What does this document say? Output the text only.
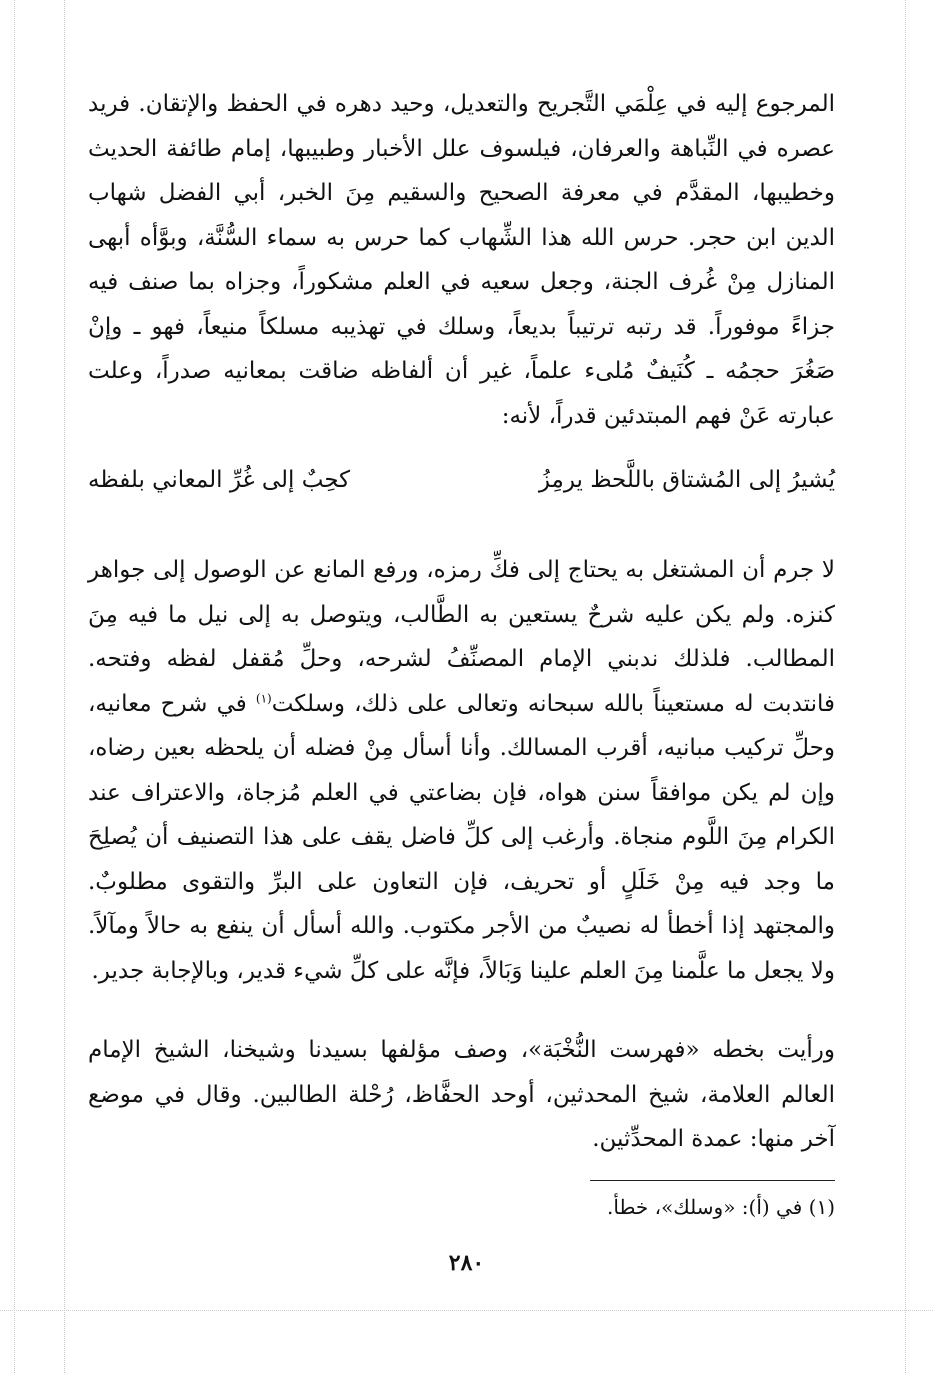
المرجوع إليه في عِلْمَي التَّجريح والتعديل، وحيد دهره في الحفظ والإتقان. فريد عصره في النِّباهة والعرفان، فيلسوف علل الأخبار وطبيبها، إمام طائفة الحديث وخطيبها، المقدَّم في معرفة الصحيح والسقيم مِنَ الخبر، أبي الفضل شهاب الدين ابن حجر. حرس الله هذا الشِّهاب كما حرس به سماء السُّنَّة، وبوَّأه أبهى المنازل مِنْ غُرف الجنة، وجعل سعيه في العلم مشكوراً، وجزاه بما صنف فيه جزاءً موفوراً. قد رتبه ترتيباً بديعاً، وسلك في تهذيبه مسلكاً منيعاً، فهو ـ وإنْ صَغُرَ حجمُه ـ كُنَيفٌ مُلىء علماً، غير أن ألفاظه ضاقت بمعانيه صدراً، وعلت عبارته عَنْ فهم المبتدئين قدراً، لأنه:

يُشيرُ إلى المُشتاق باللَّحظ يرمِزُ
كحِبٌ إلى غُرِّ المعاني بلفظه

لا جرم أن المشتغل به يحتاج إلى فكِّ رمزه، ورفع المانع عن الوصول إلى جواهر كنزه. ولم يكن عليه شرحٌ يستعين به الطَّالب، ويتوصل به إلى نيل ما فيه مِنَ المطالب. فلذلك ندبني الإمام المصنِّفُ لشرحه، وحلِّ مُقفل لفظه وفتحه. فانتدبت له مستعيناً بالله سبحانه وتعالى على ذلك، وسلكت$^{(١)}$ في شرح معانيه، وحلِّ تركيب مبانيه، أقرب المسالك. وأنا أسأل مِنْ فضله أن يلحظه بعين رضاه، وإن لم يكن موافقاً سنن هواه، فإن بضاعتي في العلم مُزجاة، والاعتراف عند الكرام مِنَ اللَّوم منجاة. وأرغب إلى كلِّ فاضل يقف على هذا التصنيف أن يُصلِحَ ما وجد فيه مِنْ خَلَلٍ أو تحريف، فإن التعاون على البرِّ والتقوى مطلوبٌ. والمجتهد إذا أخطأ له نصيبٌ من الأجر مكتوب. والله أسأل أن ينفع به حالاً ومآلاً. ولا يجعل ما علَّمنا مِنَ العلم علينا وَبَالاً، فإنَّه على كلِّ شيء قدير، وبالإجابة جدير.

ورأيت بخطه «فهرست النُّخْبَة»، وصف مؤلفها بسيدنا وشيخنا، الشيخ الإمام العالم العلامة، شيخ المحدثين، أوحد الحفَّاظ، رُحْلة الطالبين. وقال في موضع آخر منها: عمدة المحدِّثين.

(١) في (أ): «وسلك»، خطأ.

٢٨٠
